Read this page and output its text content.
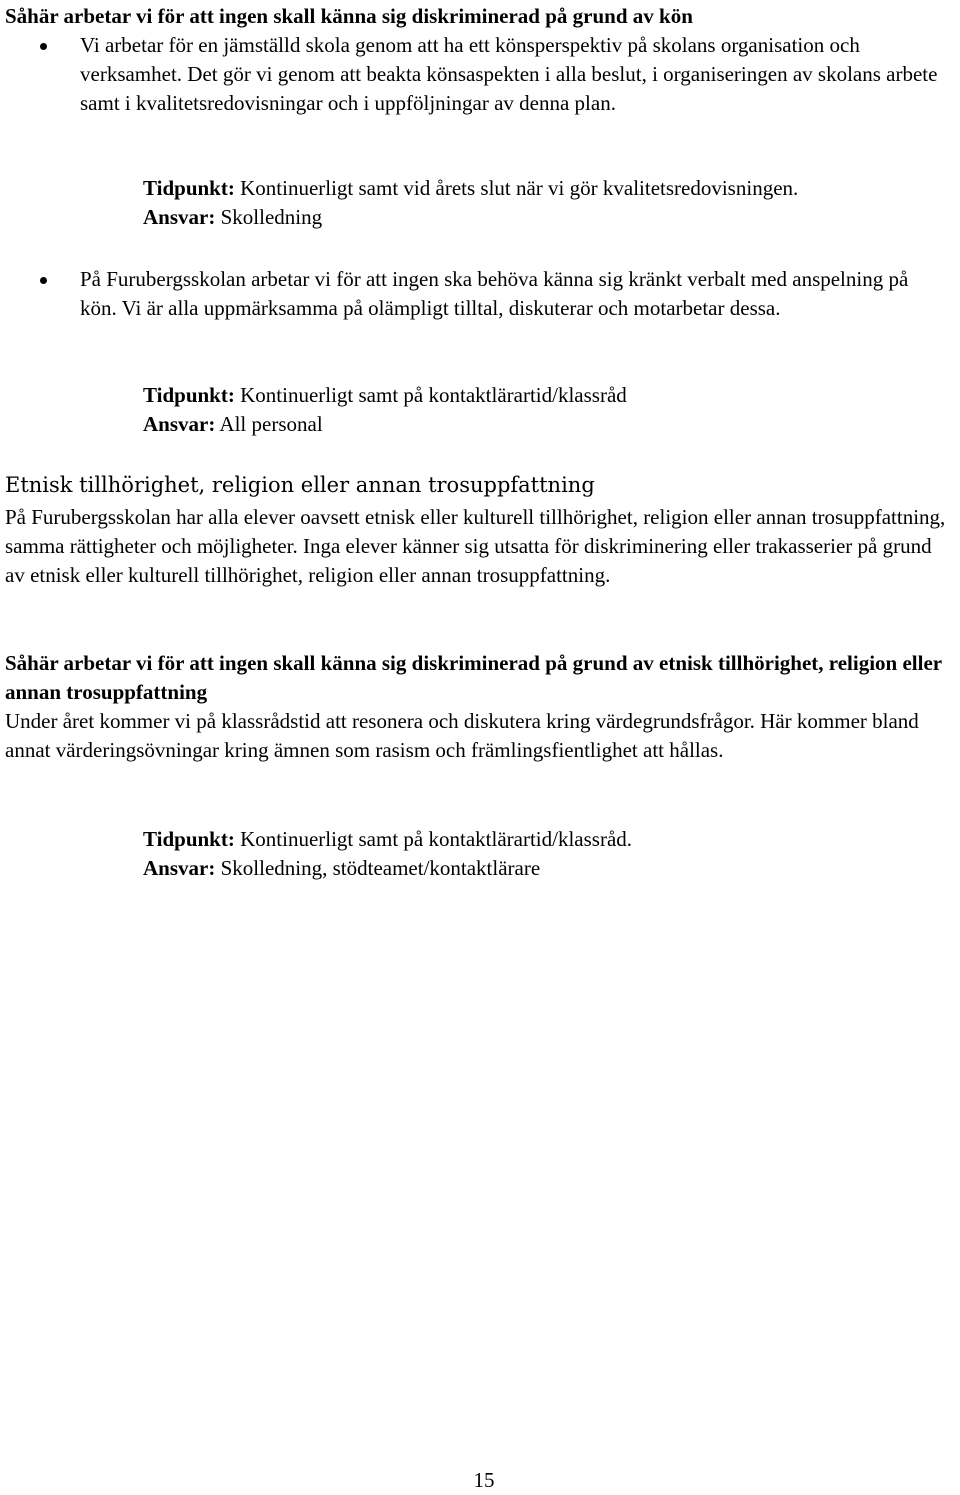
Såhär arbetar vi för att ingen skall känna sig diskriminerad på grund av kön

Vi arbetar för en jämställd skola genom att ha ett könsperspektiv på skolans organisation och verksamhet. Det gör vi genom att beakta könsaspekten i alla beslut, i organiseringen av skolans arbete samt i kvalitetsredovisningar och i uppföljningar av denna plan.

Tidpunkt: Kontinuerligt samt vid årets slut när vi gör kvalitetsredovisningen.

Ansvar: Skolledning

På Furubergsskolan arbetar vi för att ingen ska behöva känna sig kränkt verbalt med anspelning på kön. Vi är alla uppmärksamma på olämpligt tilltal, diskuterar och motarbetar dessa.

Tidpunkt: Kontinuerligt samt på kontaktlärartid/klassråd

Ansvar: All personal

Etnisk tillhörighet, religion eller annan trosuppfattning

På Furubergsskolan har alla elever oavsett etnisk eller kulturell tillhörighet, religion eller annan trosuppfattning, samma rättigheter och möjligheter. Inga elever känner sig utsatta för diskriminering eller trakasserier på grund av etnisk eller kulturell tillhörighet, religion eller annan trosuppfattning.

Såhär arbetar vi för att ingen skall känna sig diskriminerad på grund av etnisk tillhörighet, religion eller annan trosuppfattning

Under året kommer vi på klassrådstid att resonera och diskutera kring värdegrundsfrågor. Här kommer bland annat värderingsövningar kring ämnen som rasism och främlingsfientlighet att hållas.

Tidpunkt: Kontinuerligt samt på kontaktlärartid/klassråd.

Ansvar: Skolledning, stödteamet/kontaktlärare

15
